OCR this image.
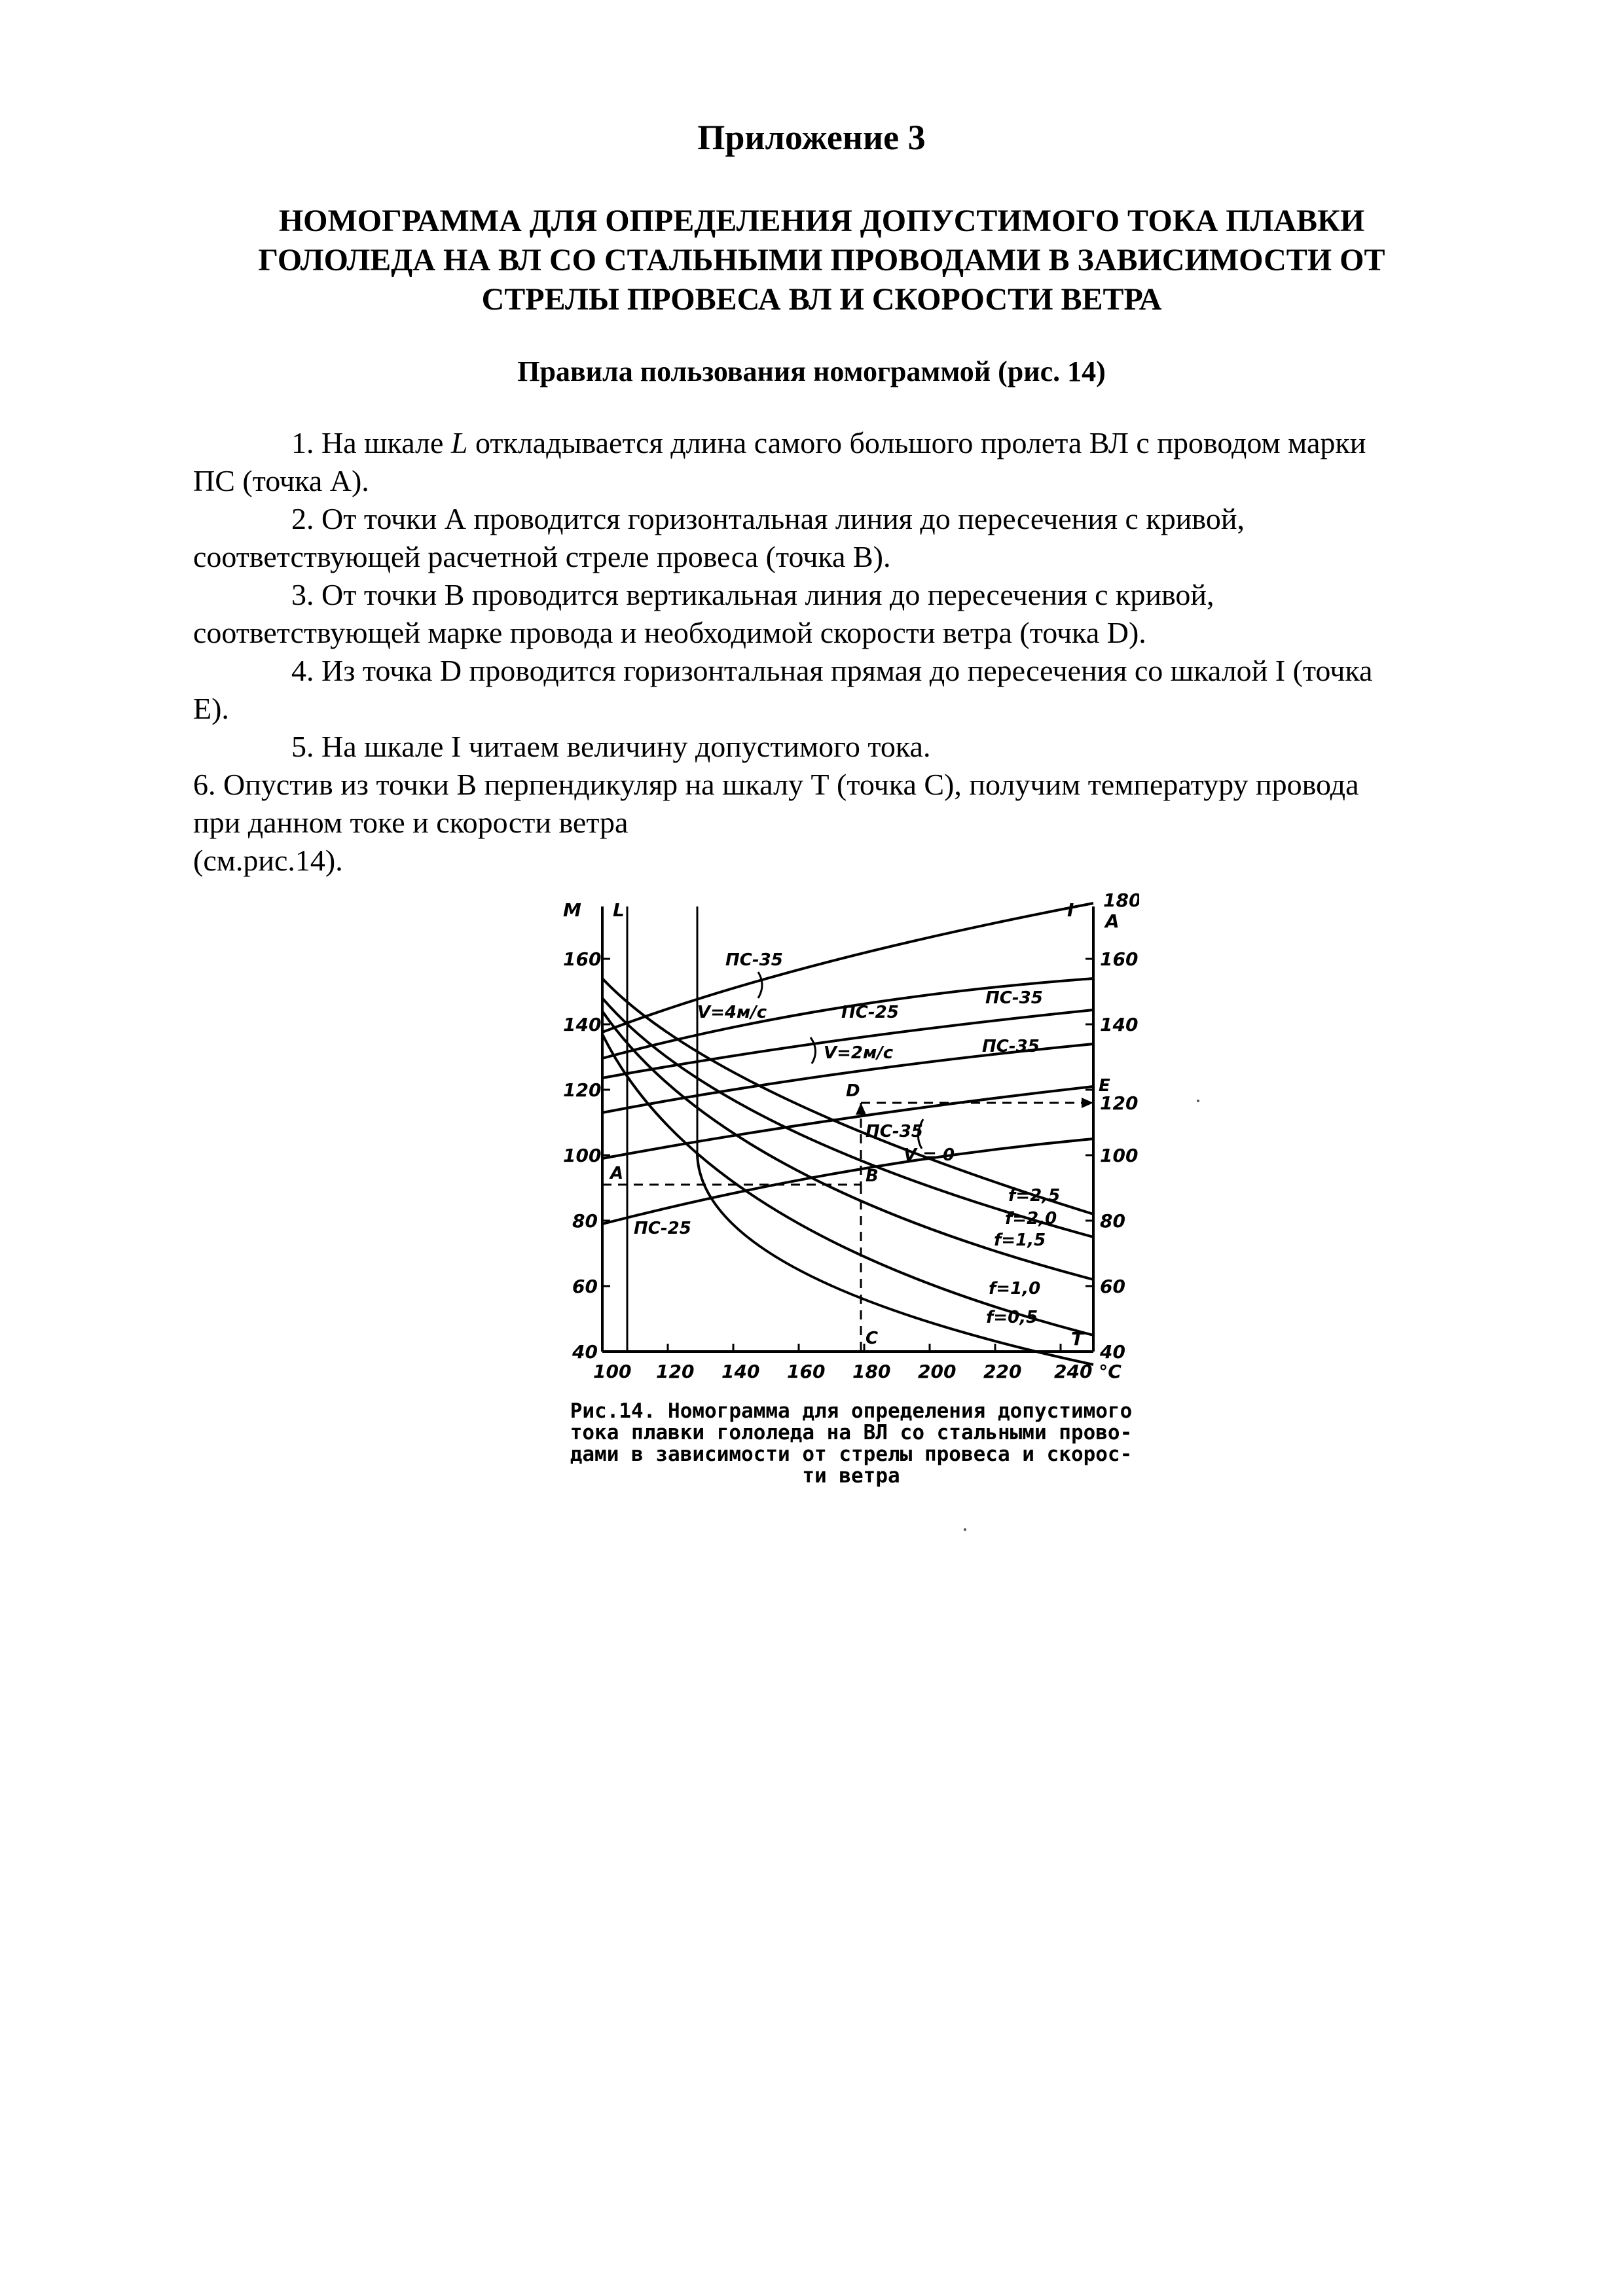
Приложение 3
НОМОГРАММА ДЛЯ ОПРЕДЕЛЕНИЯ ДОПУСТИМОГО ТОКА ПЛАВКИ
ГОЛОЛЕДА НА ВЛ СО СТАЛЬНЫМИ ПРОВОДАМИ В ЗАВИСИМОСТИ ОТ
СТРЕЛЫ ПРОВЕСА ВЛ И СКОРОСТИ ВЕТРА
Правила пользования номограммой (рис. 14)
1. На шкале L откладывается длина самого большого пролета ВЛ с проводом марки
ПС (точка А).
2. От точки А проводится горизонтальная линия до пересечения с кривой,
соответствующей расчетной стреле провеса (точка В).
3. От точки В проводится вертикальная линия до пересечения с кривой,
соответствующей марке провода и необходимой скорости ветра (точка D).
4. Из точка D проводится горизонтальная прямая до пересечения со шкалой I (точка
E).
5. На шкале I читаем величину допустимого тока.
6. Опустив из точки В перпендикуляр на шкалу Т (точка С), получим температуру провода
при данном токе и скорости ветра
(см.рис.14).
М L	I 180
А
T
160
140
120
100
80
60
40
160
140
120
100
80
60
40
100 120 140 160 180 200 220 240 °С
ПС-35
V=4м/с	ПС-25
ПС-35
V=2м/с	ПС-35
ПС-35
V = 0
ПС-25
f=2,5
f=2,0
f=1,5
f=1,0
f=0,5
А	В
С
D	Е
Рис.14. Номограмма для определения допустимого
тока плавки гололеда на ВЛ со стальными прово-
дами в зависимости от стрелы провеса и скорос-
ти ветра
